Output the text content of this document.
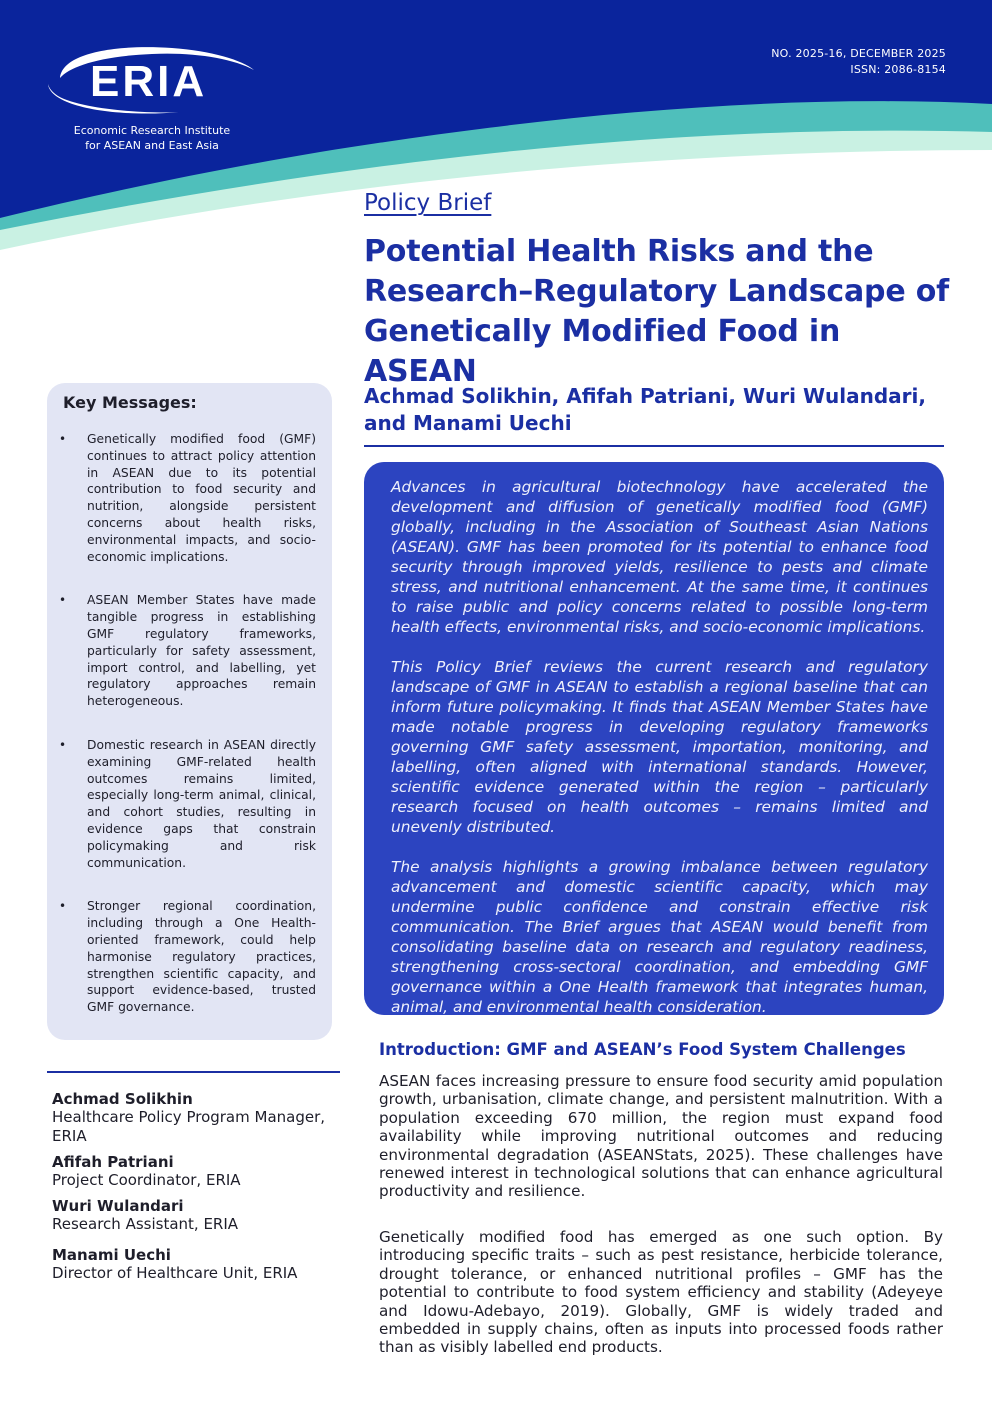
ERIA
Economic Research Institute
for ASEAN and East Asia
NO. 2025-16, DECEMBER 2025
ISSN: 2086-8154
Policy Brief
Potential Health Risks and the Research–Regulatory Landscape of Genetically Modified Food in ASEAN
Achmad Solikhin, Afifah Patriani, Wuri Wulandari, and Manami Uechi
Key Messages:
• Genetically modified food (GMF) continues to attract policy attention in ASEAN due to its potential contribution to food security and nutrition, alongside persistent concerns about health risks, environmental impacts, and socio-economic implications.
• ASEAN Member States have made tangible progress in establishing GMF regulatory frameworks, particularly for safety assessment, import control, and labelling, yet regulatory approaches remain heterogeneous.
• Domestic research in ASEAN directly examining GMF-related health outcomes remains limited, especially long-term animal, clinical, and cohort studies, resulting in evidence gaps that constrain policymaking and risk communication.
• Stronger regional coordination, including through a One Health-oriented framework, could help harmonise regulatory practices, strengthen scientific capacity, and support evidence-based, trusted GMF governance.
Achmad Solikhin
Healthcare Policy Program Manager, ERIA
Afifah Patriani
Project Coordinator, ERIA
Wuri Wulandari
Research Assistant, ERIA
Manami Uechi
Director of Healthcare Unit, ERIA

Advances in agricultural biotechnology have accelerated the development and diffusion of genetically modified food (GMF) globally, including in the Association of Southeast Asian Nations (ASEAN). GMF has been promoted for its potential to enhance food security through improved yields, resilience to pests and climate stress, and nutritional enhancement. At the same time, it continues to raise public and policy concerns related to possible long-term health effects, environmental risks, and socio-economic implications.

This Policy Brief reviews the current research and regulatory landscape of GMF in ASEAN to establish a regional baseline that can inform future policymaking. It finds that ASEAN Member States have made notable progress in developing regulatory frameworks governing GMF safety assessment, importation, monitoring, and labelling, often aligned with international standards. However, scientific evidence generated within the region – particularly research focused on health outcomes – remains limited and unevenly distributed.

The analysis highlights a growing imbalance between regulatory advancement and domestic scientific capacity, which may undermine public confidence and constrain effective risk communication. The Brief argues that ASEAN would benefit from consolidating baseline data on research and regulatory readiness, strengthening cross-sectoral coordination, and embedding GMF governance within a One Health framework that integrates human, animal, and environmental health consideration.

Introduction: GMF and ASEAN’s Food System Challenges

ASEAN faces increasing pressure to ensure food security amid population growth, urbanisation, climate change, and persistent malnutrition. With a population exceeding 670 million, the region must expand food availability while improving nutritional outcomes and reducing environmental degradation (ASEANStats, 2025). These challenges have renewed interest in technological solutions that can enhance agricultural productivity and resilience.

Genetically modified food has emerged as one such option. By introducing specific traits – such as pest resistance, herbicide tolerance, drought tolerance, or enhanced nutritional profiles – GMF has the potential to contribute to food system efficiency and stability (Adeyeye and Idowu-Adebayo, 2019). Globally, GMF is widely traded and embedded in supply chains, often as inputs into processed foods rather than as visibly labelled end products.
